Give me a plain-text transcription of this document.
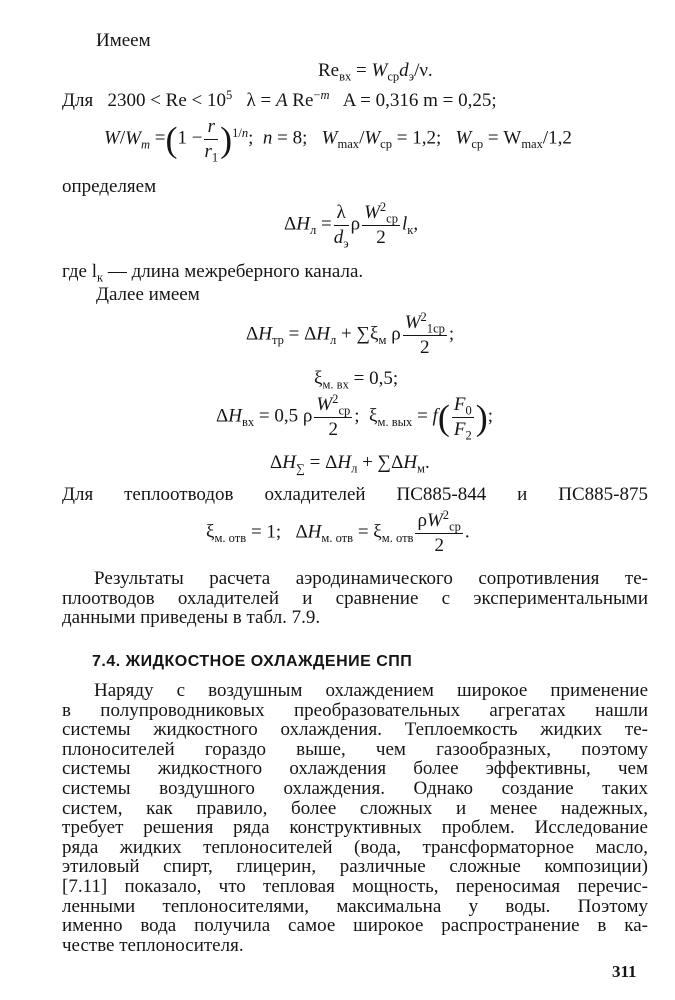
Имеем
$Re_{вх} = W_{ср}d_э/\nu$.
Для $2300 < Re < 10^5$   λ = A $Re^{-m}$ A = 0,316 m = 0,25;
$W/W_m =(1 - \frac{r}{r_1} )^{1/n}$;  n = 8;   $W_{max}/W_{ср} = 1,2$; $W_{ср} = W_{max}/1,2$
определяем
$\Delta H_л = \frac{\lambda}{d_э}$ ρ $\frac{W^2_{ср}}{2} l_к$,
где $l_к$ — длина межреберного канала.
Далее имеем
$\Delta H_{тр} = \Delta H_л + \sum\xi_м$ ρ $\frac{W^2_{1ср}}{2}$ ;
$\xi_{м. вх} = 0,5$;
$\Delta H_{вх} = 0,5$ ρ $\frac{W^2_{ср}}{2}$ ;  $\xi_{м. вых} = f( \frac{F_0}{F_2}$ );
$\Delta H_\sum = \Delta H_л + \sum\Delta H_м$.
Для теплоотводов охладителей ПС885-844 и ПС885-875
$\xi_{м. отв} = 1$;   $\Delta H_{м. отв} = \xi_{м. отв} \frac{\rho W^2_{ср}}{2}$ .
Результаты расчета аэродинамического сопротивления те-
плоотводов охладителей и сравнение с экспериментальными
данными приведены в табл. 7.9.
7.4. ЖИДКОСТНОЕ ОХЛАЖДЕНИЕ СПП
Наряду с воздушным охлаждением широкое применение
в полупроводниковых преобразовательных агрегатах нашли
системы жидкостного охлаждения. Теплоемкость жидких те-
плоносителей гораздо выше, чем газообразных, поэтому
системы жидкостного охлаждения более эффективны, чем
системы воздушного охлаждения. Однако создание таких
систем, как правило, более сложных и менее надежных,
требует решения ряда конструктивных проблем. Исследование
ряда жидких теплоносителей (вода, трансформаторное масло,
этиловый спирт, глицерин, различные сложные композиции)
[7.11] показало, что тепловая мощность, переносимая перечис-
ленными теплоносителями, максимальна у воды. Поэтому
именно вода получила самое широкое распространение в ка-
честве теплоносителя.
311
